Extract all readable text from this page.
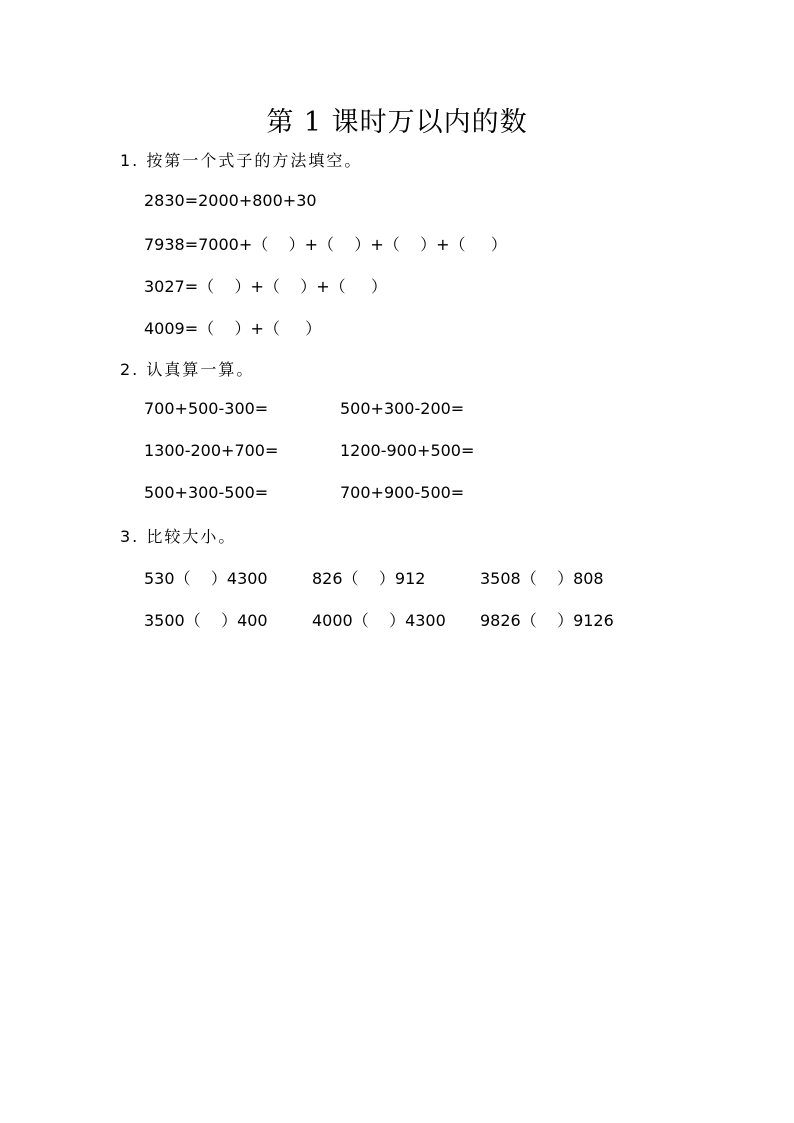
第 1 课时万以内的数
1. 按第一个式子的方法填空。
2830=2000+800+30
7938=7000+（    ）+（    ）+（    ）+（     ）
3027=（    ）+（    ）+（     ）
4009=（    ）+（     ）
2. 认真算一算。
700+500-300=	500+300-200=
1300-200+700=	1200-900+500=
500+300-500=	700+900-500=
3. 比较大小。
530（    ）4300	826（    ）912	3508（    ）808
3500（    ）400	4000（    ）4300 9826（    ）9126
